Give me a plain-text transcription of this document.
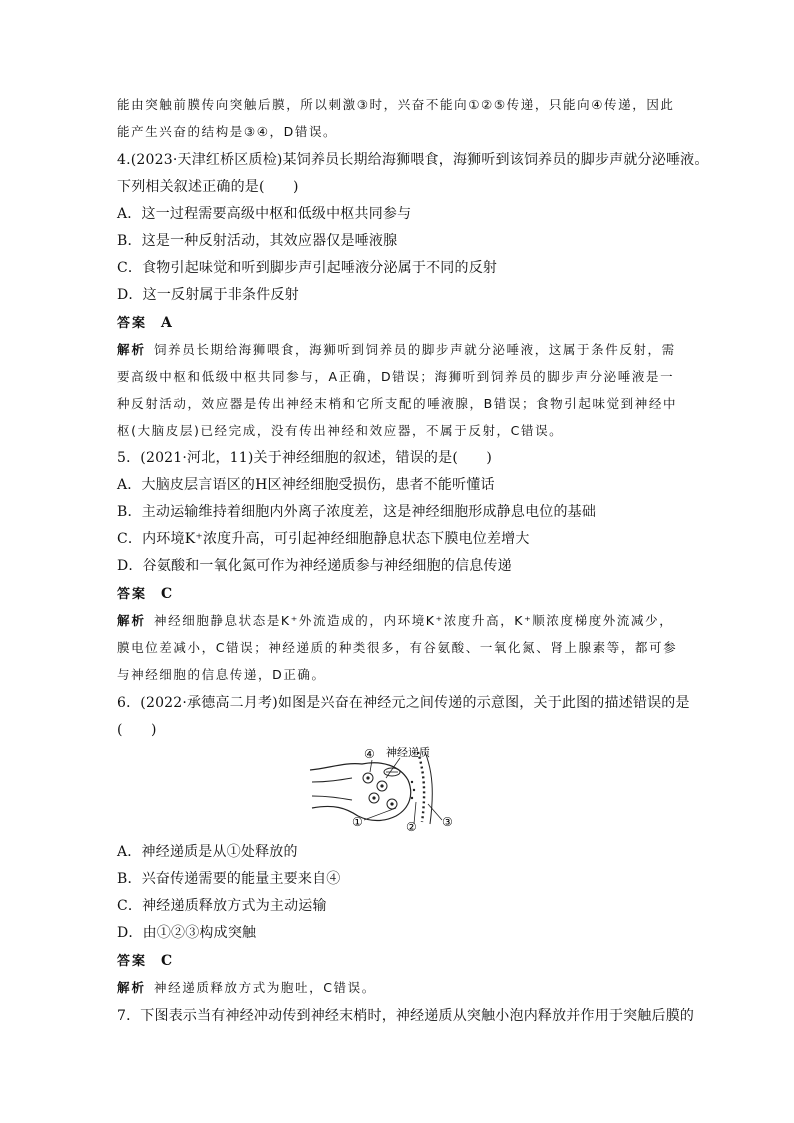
能由突触前膜传向突触后膜，所以刺激③时，兴奋不能向①②⑤传递，只能向④传递，因此
能产生兴奋的结构是③④，D错误。
4.(2023·天津红桥区质检)某饲养员长期给海狮喂食，海狮听到该饲养员的脚步声就分泌唾液。
下列相关叙述正确的是(　　)
A．这一过程需要高级中枢和低级中枢共同参与
B．这是一种反射活动，其效应器仅是唾液腺
C．食物引起味觉和听到脚步声引起唾液分泌属于不同的反射
D．这一反射属于非条件反射
答案 A
解析 饲养员长期给海狮喂食，海狮听到饲养员的脚步声就分泌唾液，这属于条件反射，需
要高级中枢和低级中枢共同参与，A正确，D错误；海狮听到饲养员的脚步声分泌唾液是一
种反射活动，效应器是传出神经末梢和它所支配的唾液腺，B错误；食物引起味觉到神经中
枢(大脑皮层)已经完成，没有传出神经和效应器，不属于反射，C错误。
5．(2021·河北，11)关于神经细胞的叙述，错误的是(　　)
A．大脑皮层言语区的H区神经细胞受损伤，患者不能听懂话
B．主动运输维持着细胞内外离子浓度差，这是神经细胞形成静息电位的基础
C．内环境K⁺浓度升高，可引起神经细胞静息状态下膜电位差增大
D．谷氨酸和一氧化氮可作为神经递质参与神经细胞的信息传递
答案 C
解析 神经细胞静息状态是K⁺外流造成的，内环境K⁺浓度升高，K⁺顺浓度梯度外流减少，
膜电位差减小，C错误；神经递质的种类很多，有谷氨酸、一氧化氮、肾上腺素等，都可参
与神经细胞的信息传递，D正确。
6．(2022·承德高二月考)如图是兴奋在神经元之间传递的示意图，关于此图的描述错误的是
(　　)
④ 神经递质
①	② ③
A．神经递质是从①处释放的
B．兴奋传递需要的能量主要来自④
C．神经递质释放方式为主动运输
D．由①②③构成突触
答案 C
解析 神经递质释放方式为胞吐，C错误。
7．下图表示当有神经冲动传到神经末梢时，神经递质从突触小泡内释放并作用于突触后膜的
